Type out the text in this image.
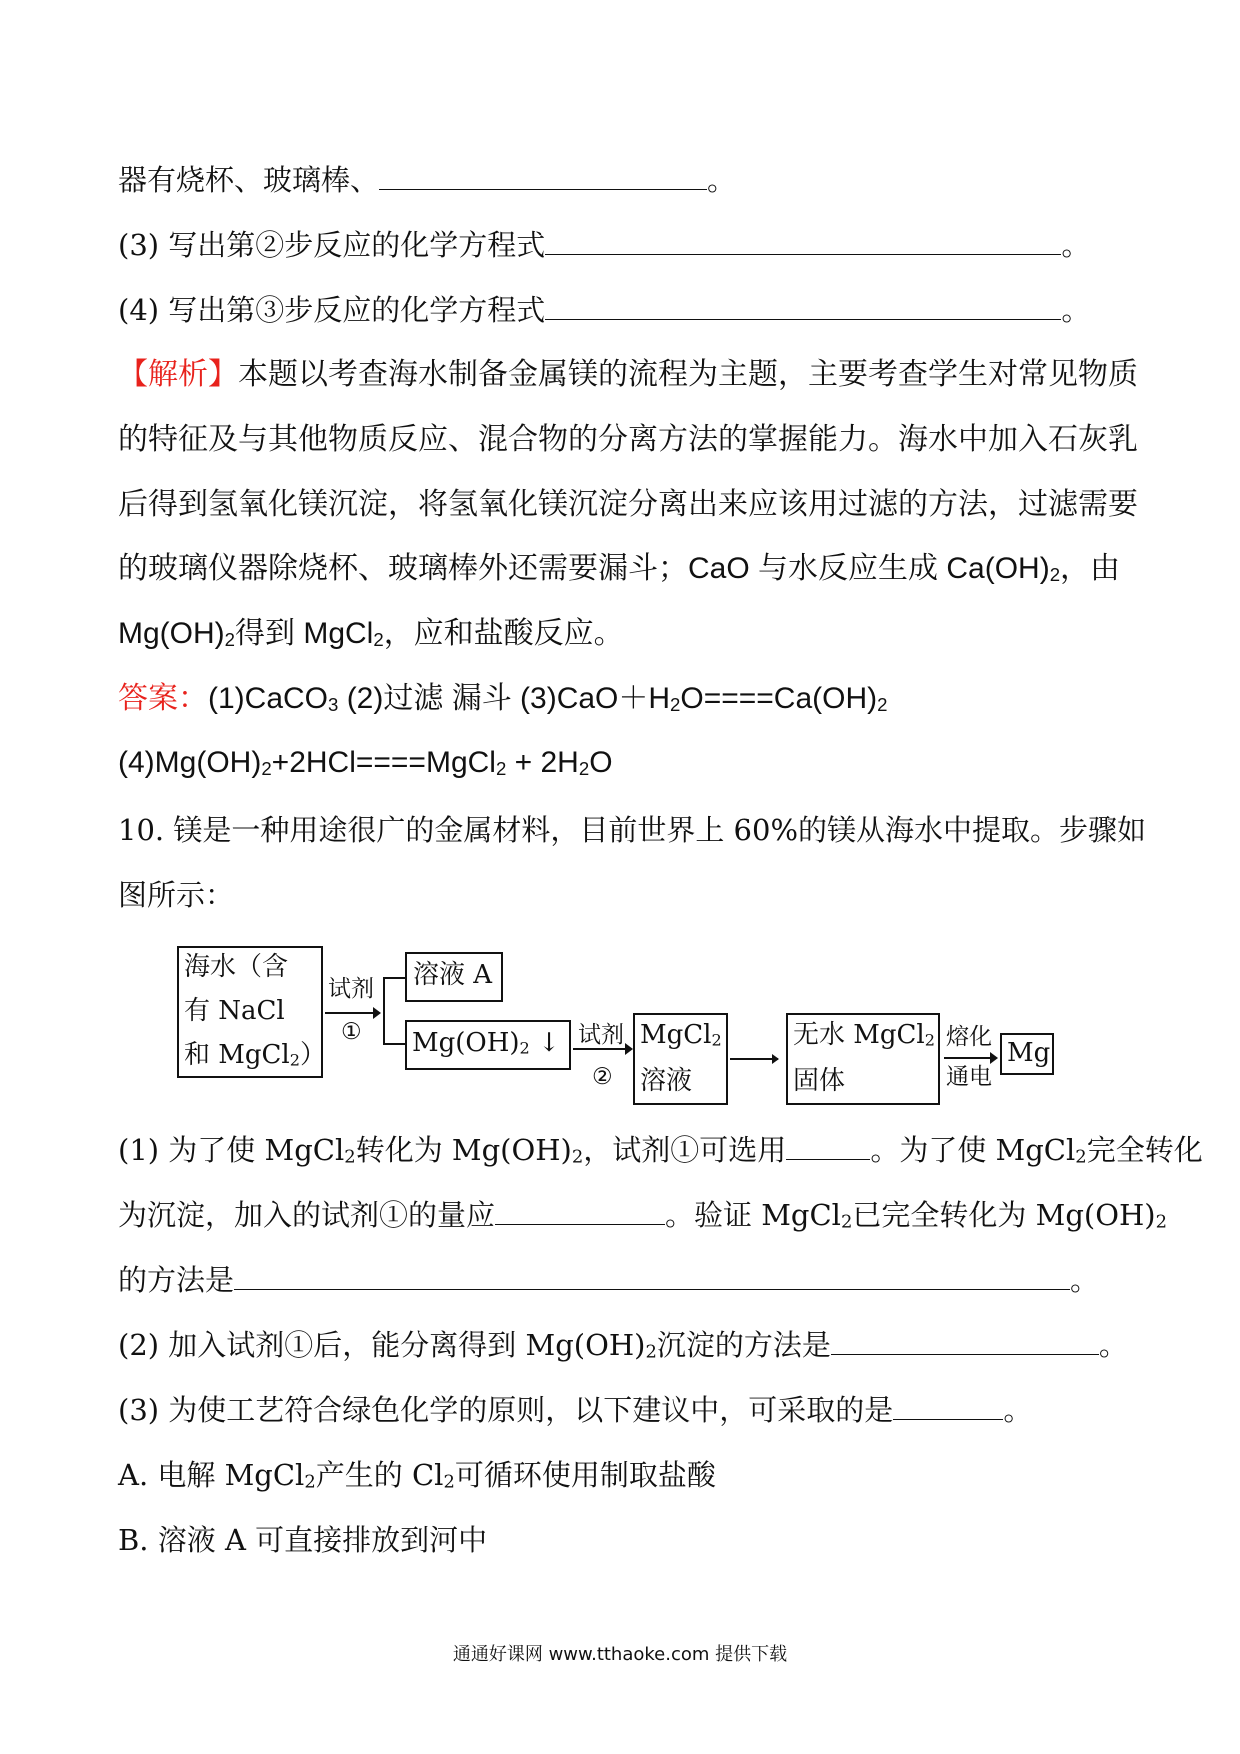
器有烧杯、玻璃棒、	。
(3) 写出第②步反应的化学方程式	。
(4) 写出第③步反应的化学方程式	。
【解析】本题以考查海水制备金属镁的流程为主题，主要考查学生对常见物质
的特征及与其他物质反应、混合物的分离方法的掌握能力。海水中加入石灰乳
后得到氢氧化镁沉淀，将氢氧化镁沉淀分离出来应该用过滤的方法，过滤需要
的玻璃仪器除烧杯、玻璃棒外还需要漏斗；CaO 与水反应生成 $Ca(OH)_2$，由
$Mg(OH)_2$得到 MgCl$_2$，应和盐酸反应。
答案：(1)CaCO$_3$ (2)过滤 漏斗 $(3)CaO+H_2O====Ca(OH)_2$
$(4)Mg(OH)_2+2HCl====MgCl_2 + 2H_2O$
10. 镁是一种用途很广的金属材料，目前世界上 60%的镁从海水中提取。步骤如
图所示：
海水（含
有 NaCl
和 MgCl$_2$）
试剂
①
溶液 A
$Mg(OH)_2$ ↓ 试剂
②
MgCl$_2$
溶液
无水 MgCl$_2$
固体
熔化
通电
Mg
(1) 为了使 MgCl$_2$转化为 $Mg(OH)_2$，试剂①可选用	。为了使 MgCl$_2$完全转化
为沉淀，加入的试剂①的量应	。验证 MgCl$_2$已完全转化为 $Mg(OH)_2$
的方法是	。
(2) 加入试剂①后，能分离得到 $Mg(OH)_2$沉淀的方法是	。
(3) 为使工艺符合绿色化学的原则，以下建议中，可采取的是	。
A. 电解 MgCl$_2$产生的 $Cl_2$可循环使用制取盐酸
B. 溶液 A 可直接排放到河中
通通好课网 www.tthaoke.com 提供下载
